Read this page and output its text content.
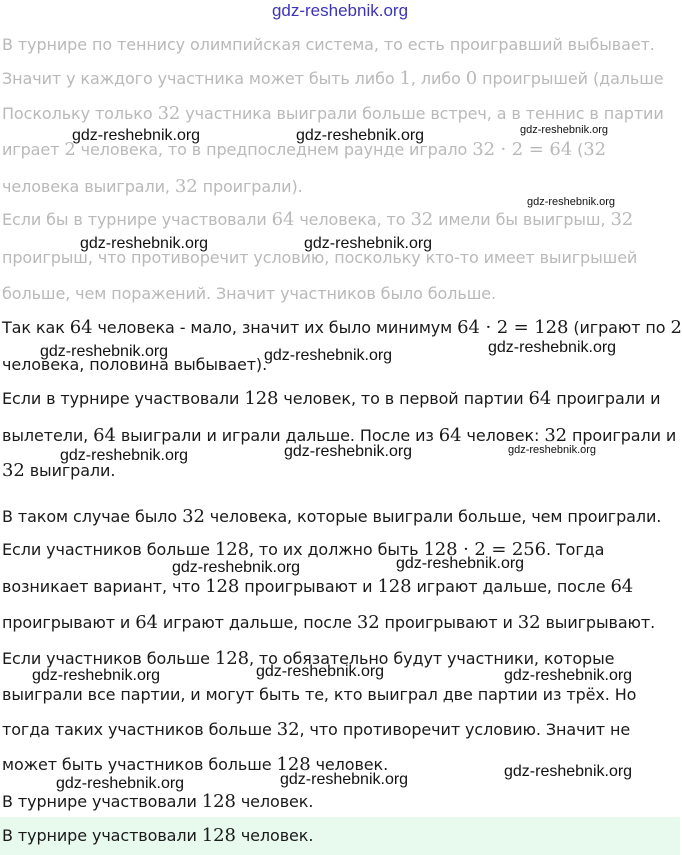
gdz-reshebnik.org
В турнире по теннису олимпийская система, то есть проигравший выбывает.
Значит у каждого участника может быть либо 1, либо 0 проигрышей (дальше
Поскольку только 32 участника выиграли больше встреч, а в теннис в партии
играет 2 человека, то в предпоследнем раунде играло 32 · 2 = 64 (32
человека выиграли, 32 проиграли).
Если бы в турнире участвовали 64 человека, то 32 имели бы выигрыш, 32
проигрыш, что противоречит условию, поскольку кто-то имеет выигрышей
больше, чем поражений. Значит участников было больше.
Так как 64 человека - мало, значит их было минимум 64 · 2 = 128 (играют по 2
человека, половина выбывает).
Если в турнире участвовали 128 человек, то в первой партии 64 проиграли и
вылетели, 64 выиграли и играли дальше. После из 64 человек: 32 проиграли и
32 выиграли.
В таком случае было 32 человека, которые выиграли больше, чем проиграли.
Если участников больше 128, то их должно быть 128 · 2 = 256. Тогда
возникает вариант, что 128 проигрывают и 128 играют дальше, после 64
проигрывают и 64 играют дальше, после 32 проигрывают и 32 выигрывают.
Если участников больше 128, то обязательно будут участники, которые
выиграли все партии, и могут быть те, кто выиграл две партии из трёх. Но
тогда таких участников больше 32, что противоречит условию. Значит не
может быть участников больше 128 человек.
В турнире участвовали 128 человек.
В турнире участвовали 128 человек.
gdz-reshebnik.org	gdz-reshebnik.org	gdz-reshebnik.org
gdz-reshebnik.org
gdz-reshebnik.org	gdz-reshebnik.org
gdz-reshebnik.org	gdz-reshebnik.org	gdz-reshebnik.org
gdz-reshebnik.org	gdz-reshebnik.org	gdz-reshebnik.org
gdz-reshebnik.org	gdz-reshebnik.org
gdz-reshebnik.org	gdz-reshebnik.org	gdz-reshebnik.org
gdz-reshebnik.org	gdz-reshebnik.org	gdz-reshebnik.org
